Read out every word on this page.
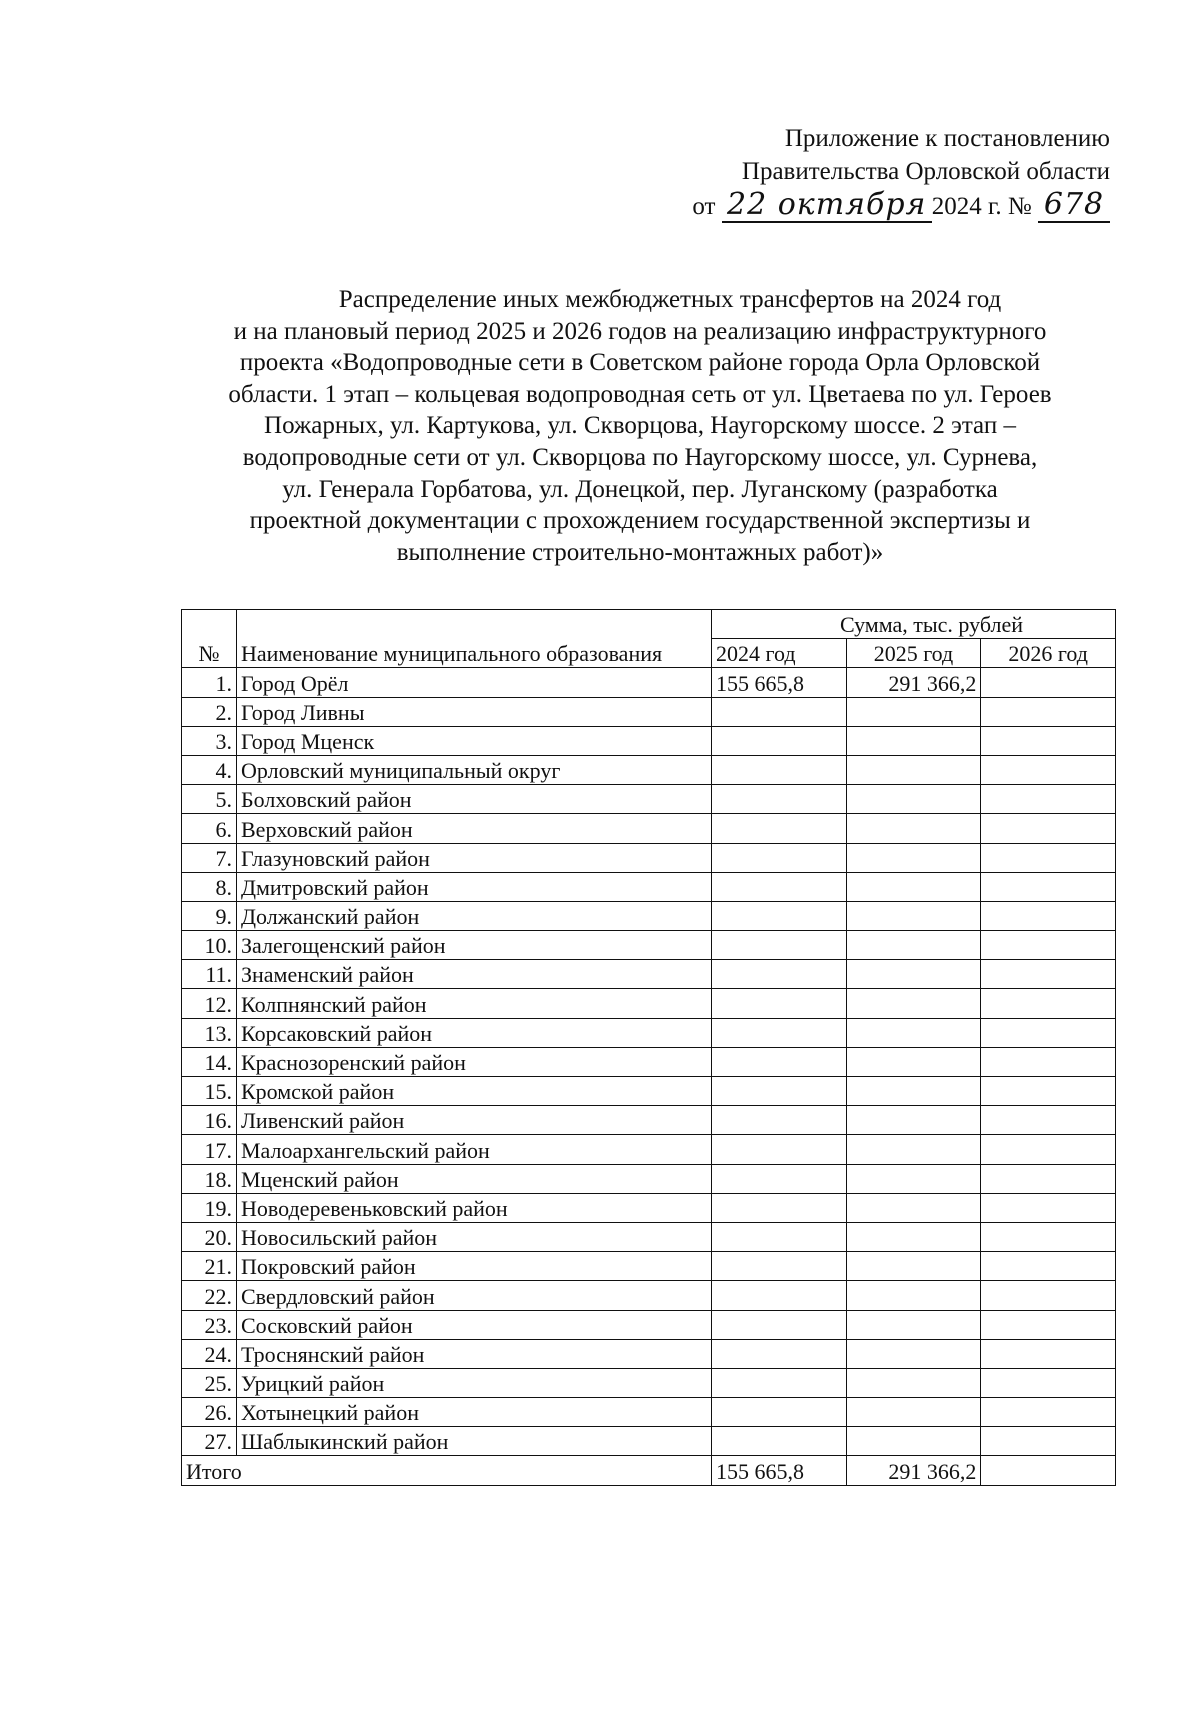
Приложение к постановлению
Правительства Орловской области
от 22 октября 2024 г. № 678
Распределение иных межбюджетных трансфертов на 2024 год
и на плановый период 2025 и 2026 годов на реализацию инфраструктурного
проекта «Водопроводные сети в Советском районе города Орла Орловской
области. 1 этап – кольцевая водопроводная сеть от ул. Цветаева по ул. Героев
Пожарных, ул. Картукова, ул. Скворцова, Наугорскому шоссе. 2 этап –
водопроводные сети от ул. Скворцова по Наугорскому шоссе, ул. Сурнева,
ул. Генерала Горбатова, ул. Донецкой, пер. Луганскому (разработка
проектной документации с прохождением государственной экспертизы и
выполнение строительно-монтажных работ)»
№	Наименование муниципального образования	Сумма, тыс. рублей		
		2024 год	2025 год	2026 год
1.	Город Орёл	155 665,8	291 366,2	
2.	Город Ливны			
3.	Город Мценск			
4.	Орловский муниципальный округ			
5.	Болховский район			
6.	Верховский район			
7.	Глазуновский район			
8.	Дмитровский район			
9.	Должанский район			
10.	Залегощенский район			
11.	Знаменский район			
12.	Колпнянский район			
13.	Корсаковский район			
14.	Краснозоренский район			
15.	Кромской район			
16.	Ливенский район			
17.	Малоархангельский район			
18.	Мценский район			
19.	Новодеревеньковский район			
20.	Новосильский район			
21.	Покровский район			
22.	Свердловский район			
23.	Сосковский район			
24.	Троснянский район			
25.	Урицкий район			
26.	Хотынецкий район			
27.	Шаблыкинский район			
Итого		155 665,8	291 366,2	
